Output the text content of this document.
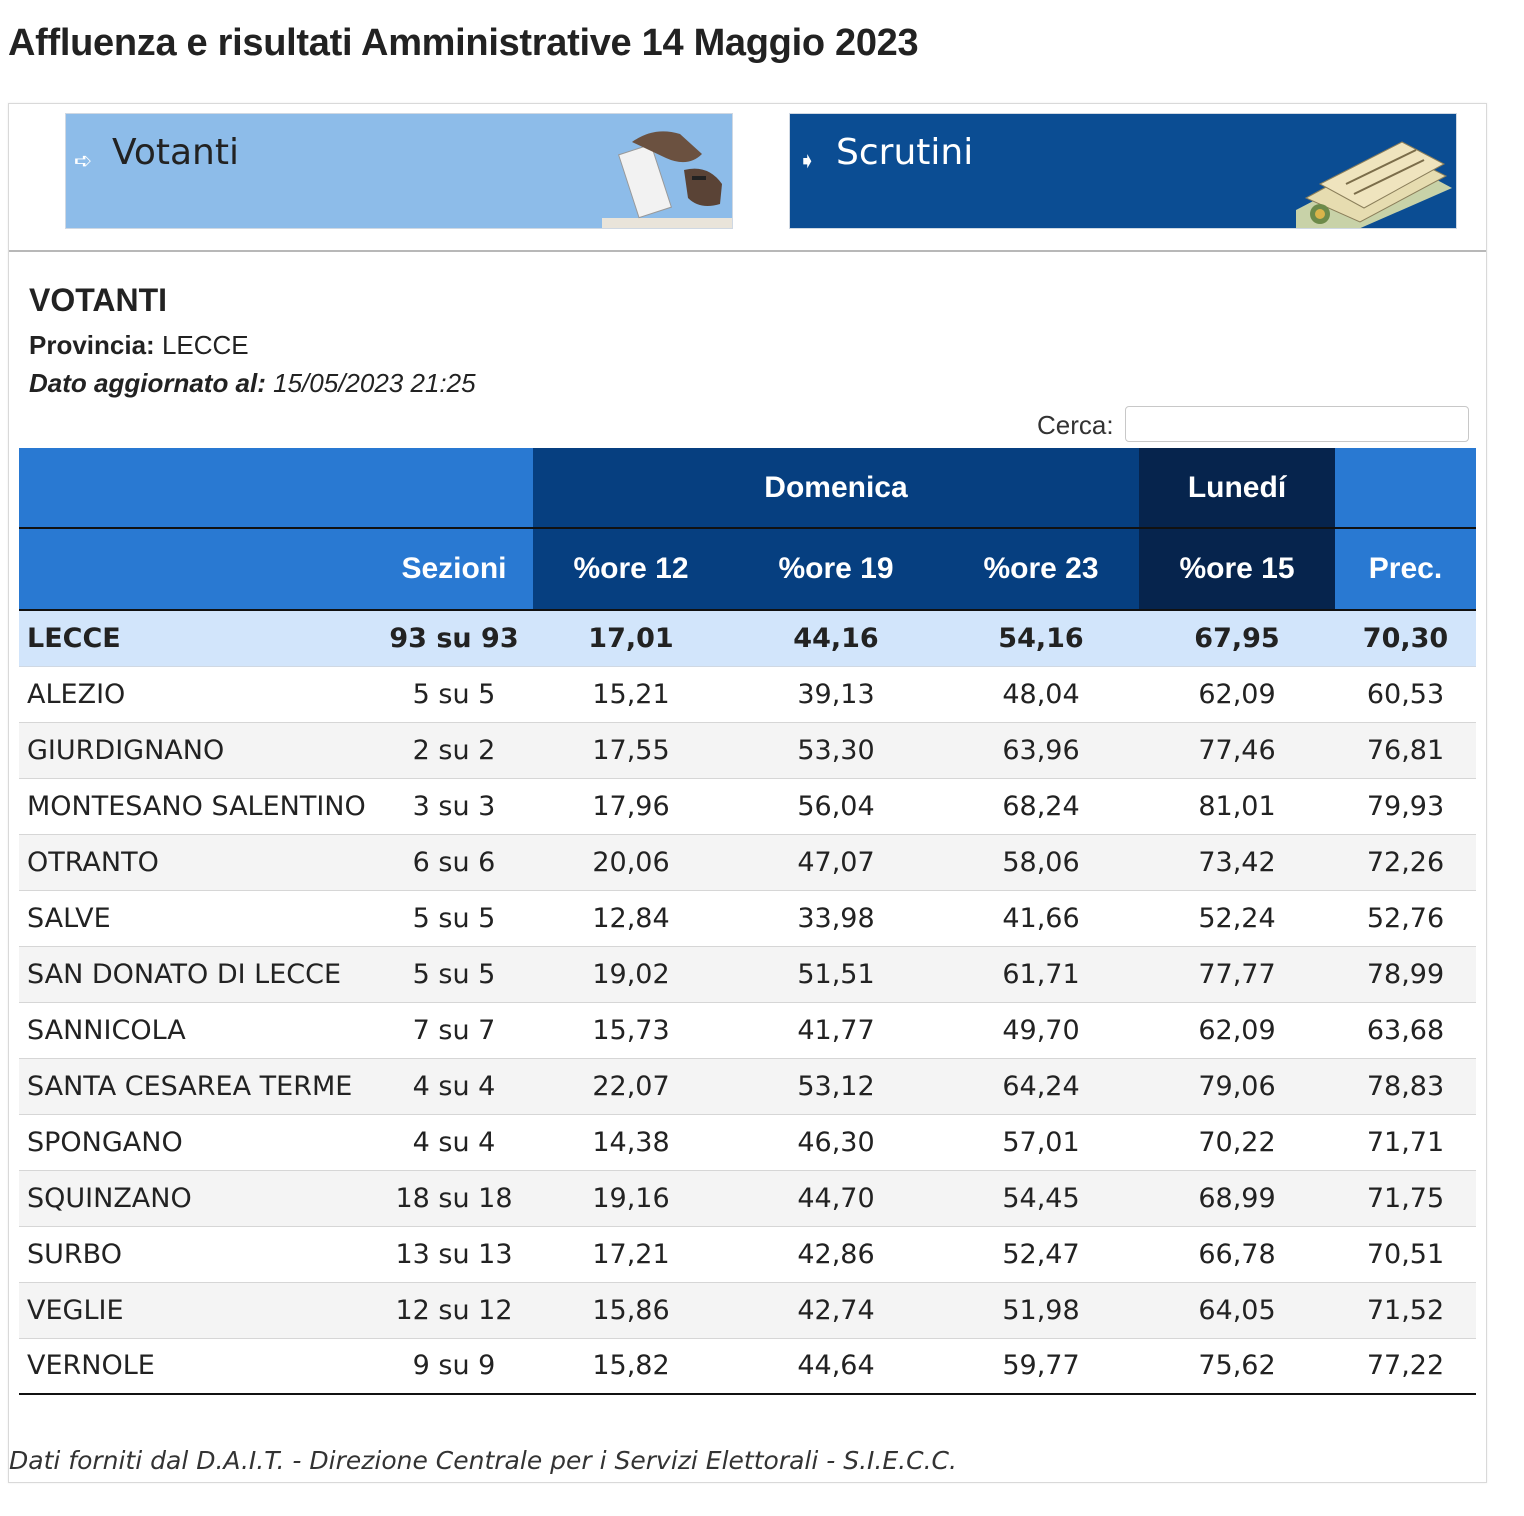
Affluenza e risultati Amministrative 14 Maggio 2023
➪ Votanti	➧ Scrutini
VOTANTI
Provincia: LECCE
Dato aggiornato al: 15/05/2023 21:25
Cerca:
		Domenica			Lunedí	
	Sezioni	%ore 12	%ore 19	%ore 23	%ore 15	Prec.
LECCE	93 su 93	17,01	44,16	54,16	67,95	70,30
ALEZIO	5 su 5	15,21	39,13	48,04	62,09	60,53
GIURDIGNANO	2 su 2	17,55	53,30	63,96	77,46	76,81
MONTESANO SALENTINO	3 su 3	17,96	56,04	68,24	81,01	79,93
OTRANTO	6 su 6	20,06	47,07	58,06	73,42	72,26
SALVE	5 su 5	12,84	33,98	41,66	52,24	52,76
SAN DONATO DI LECCE	5 su 5	19,02	51,51	61,71	77,77	78,99
SANNICOLA	7 su 7	15,73	41,77	49,70	62,09	63,68
SANTA CESAREA TERME	4 su 4	22,07	53,12	64,24	79,06	78,83
SPONGANO	4 su 4	14,38	46,30	57,01	70,22	71,71
SQUINZANO	18 su 18	19,16	44,70	54,45	68,99	71,75
SURBO	13 su 13	17,21	42,86	52,47	66,78	70,51
VEGLIE	12 su 12	15,86	42,74	51,98	64,05	71,52
VERNOLE	9 su 9	15,82	44,64	59,77	75,62	77,22
Dati forniti dal D.A.I.T. - Direzione Centrale per i Servizi Elettorali - S.I.E.C.C.
